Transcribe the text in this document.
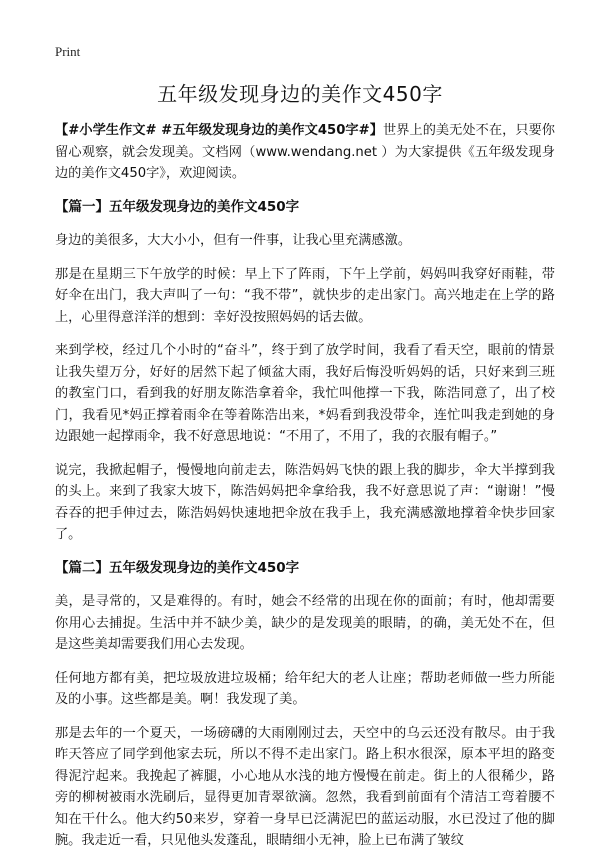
Print
五年级发现身边的美作文450字

【#小学生作文# #五年级发现身边的美作文450字#】世界上的美无处不在，只要你留心观察，就会发现美。文档网（www.wendang.net ）为大家提供《五年级发现身边的美作文450字》，欢迎阅读。

【篇一】五年级发现身边的美作文450字

身边的美很多，大大小小，但有一件事，让我心里充满感激。

那是在星期三下午放学的时候：早上下了阵雨，下午上学前，妈妈叫我穿好雨鞋，带好伞在出门，我大声叫了一句：“我不带”，就快步的走出家门。高兴地走在上学的路上，心里得意洋洋的想到：幸好没按照妈妈的话去做。

来到学校，经过几个小时的“奋斗”，终于到了放学时间，我看了看天空，眼前的情景让我失望万分，好好的居然下起了倾盆大雨，我好后悔没听妈妈的话，只好来到三班的教室门口，看到我的好朋友陈浩拿着伞，我忙叫他撑一下我，陈浩同意了，出了校门，我看见*妈正撑着雨伞在等着陈浩出来，*妈看到我没带伞，连忙叫我走到她的身边跟她一起撑雨伞，我不好意思地说：“不用了，不用了，我的衣服有帽子。”

说完，我掀起帽子，慢慢地向前走去，陈浩妈妈飞快的跟上我的脚步，伞大半撑到我的头上。来到了我家大坡下，陈浩妈妈把伞拿给我，我不好意思说了声：“谢谢！”慢吞吞的把手伸过去，陈浩妈妈快速地把伞放在我手上，我充满感激地撑着伞快步回家了。

【篇二】五年级发现身边的美作文450字

美，是寻常的，又是难得的。有时，她会不经常的出现在你的面前；有时，他却需要你用心去捕捉。生活中并不缺少美，缺少的是发现美的眼睛，的确，美无处不在，但是这些美却需要我们用心去发现。

任何地方都有美，把垃圾放进垃圾桶；给年纪大的老人让座；帮助老师做一些力所能及的小事。这些都是美。啊！我发现了美。

那是去年的一个夏天，一场磅礴的大雨刚刚过去，天空中的乌云还没有散尽。由于我昨天答应了同学到他家去玩，所以不得不走出家门。路上积水很深，原本平坦的路变得泥泞起来。我挽起了裤腿，小心地从水浅的地方慢慢在前走。街上的人很稀少，路旁的柳树被雨水洗刷后，显得更加青翠欲滴。忽然，我看到前面有个清洁工弯着腰不知在干什么。他大约50来岁，穿着一身早已泛满泥巴的蓝运动服，水已没过了他的脚腕。我走近一看，只见他头发蓬乱，眼睛细小无神，脸上已布满了皱纹
